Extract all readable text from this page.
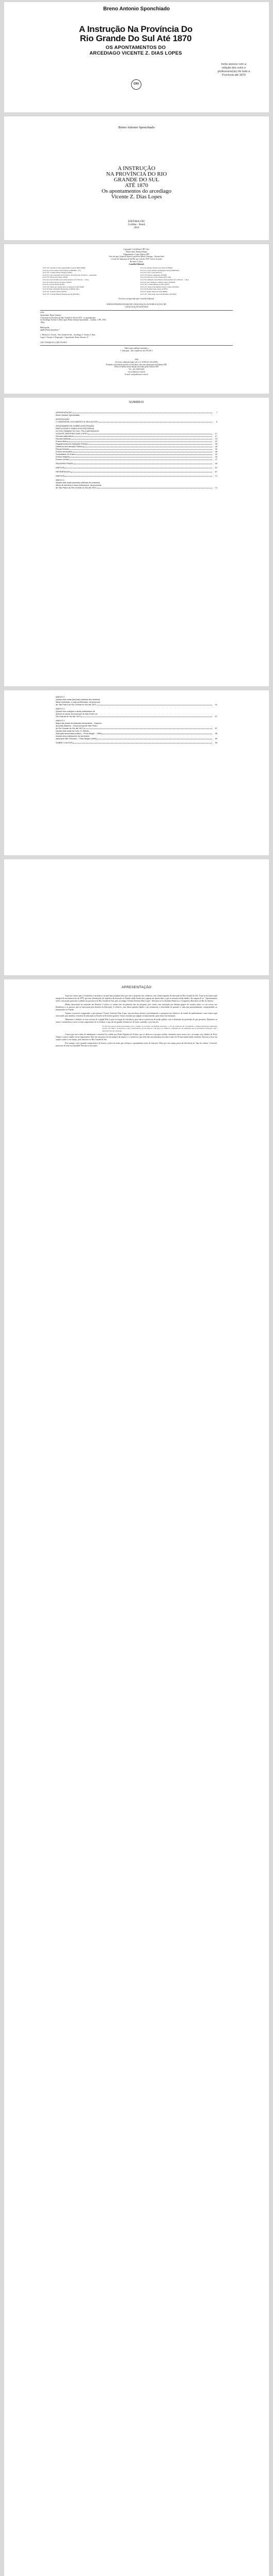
Breno Antonio Sponchiado
A Instrução Na Província Do
Rio Grande Do Sul Até 1870
OS APONTAMENTOS DO
ARCEDIAGO VICENTE Z. DIAS LOPES
Inclui anexos com a relação dos ruins e professores(as) de todo a Província até 1870
CRV
Breno Antonio Sponchiado
A INSTRUÇÃO
NA PROVÍNCIA DO RIO
GRANDE DO SUL
ATÉ 1870
Os apontamentos do arcediago
Vicente Z. Dias Lopes
EDITORA CRV
Curitiba – Brasil
2016
Copyright © da Editora CRV Ltda.
Editor-chefe: Railson Moura
Diagramação e Capa: Editora CRV
Foto da capa: Grupo de alunos e professor Moser Gonzaga – Revista Irmã
a escola de Taquaruçu de Sul-RS, por volta de 1950. Acervo do autor.
Revisão: O Autor
Conselho Editorial:
Profª. Drª. Andréia da Silva Quintanilha Sousa (UNIR/UFRN)	Prof. Dr. Antônio Pereira Gaio Júnior (UFRRJ)
Prof. Dr. Carlos Alberto Vilar Estêvão (UMINHO - PT)	Prof. Dr. Carlos Federico Dominguez Avila (UNIEURO)
Profª. Drª. Carmen Tereza Velanga (UNIR)	Prof. Dr. Celso Conti (UFSCar)
Prof. Dr. Cesar Gerónimo Tello (Univer. Nacional Três de Febrero - Argentina)	Profª. Drª. Elizeu Clementino (UNEB)
Profª. Drª. Eliane Rose Maio (UEM)	Prof. Dr. Francisco Carlos Duarte (PUC-PR)
Prof. Dr. Gloria Fariñas León (Universidade de La Havana – Cuba)	Prof. Dr. Guillermo Arias Beatón (Universidade de La Havana – Cuba)
Prof. Dr. Jailson Alves dos Santos (UFRJ)	Prof. Dr. João Adalberto Campato Junior (UNESP)
Prof. Dr. Josania Portela (UFPI)	Profª. Drª. Lourdes Helena da Silva (UFV)
Profª. Drª. Maria de Lourdes Pinto de Almeida (UNICAMP)	Profª. Drª. Maria Lília Imbiriba Sousa Colares (UFOPA)
Prof. Dr. Paulo Romualdo Hernandes (UNIFAL-MG)	Prof. Dr. Rodrigo Pratte-Santos (UFES)
Profª. Drª. Sydione Santos (UEPG)	Prof. Dr. Sérgio Nunes de Jesus (IFRO)
Profª. Drª. Solange Helena Ximenes-Rocha (UFOPA)	Profª. Drª. Tania Suely Azevedo Brasileiro (UFOPA)
Este livro foi aprovado pelo Conselho Editorial.
DADOS INTERNACIONAIS DE CATALOGAÇÃO NA PUBLICAÇÃO (CIP)
CATALOGAÇÃO NA FONTE
S763
Sponchiado, Breno Antonio.
A instrução na Província do Rio Grande do Sul até 1870 : os apontamentos
do Arcediago Vicente Z. Dias Lopes/ Breno Antonio Sponchiado – Curitiba : CRV, 2016.
188 p.
Bibliografia
ISBN 978-85-444-0912-7
1. Histórica 2. Escola – Rio Grande do Sul – Arcediago 4. Vicente Z. Dias
Lopes 5. Ensino 6. Proposição. I. Sponchiado, Breno Antonio. II.
CDU 37(09)(816.5) CDD 370.9816
Índice para catálogo sistemático
1. Educação – Rio Grande do Sul 370.981 5
2016
Foi feito o depósito legal conf. Lei 10.994 de 14/12/2004
Proibida a reprodução parcial ou total desta obra sem autorização da Editora CRV
Todos os direitos desta edição reservados pela: Editora CRV
Tel.: (41) 3039-6418
www.editoracrv.com.br
E-mail: sac@editoracrv.com.br
SUMÁRIO
APRESENTAÇÃO	7
Breno Antonio Sponchiado
INTRODUÇÃO
O VENERÁVEL DOCUMENTO E SEU AUTOR	9
APONTAMENTOS SOBRE A INSTRUÇÃO
PARTICULAR E PÚBLICA DA PROVÍNCIA
DO RIO GRANDE DO SUL, PELO ARCEDIAGO
VICENTE ZEFERINO DIAS LOPES	17
Escolas particulares	17
Escolas públicas	19
Ensino Mútuo	22
Regulamentos de Instrução Pública	26
Diretores da Instrução Pública	28
Escola Normal	30
Ensino secundário	36
Sociedades de Ensino	42
Ensino religioso	44
Ensino normal	47
PALAVRAS FINAIS	49
ANEXOS	51
REFERÊNCIAS	67
ANEXOS	71
ANEXO 1
Quadro das aulas (escolas) públicas de primeiras
letras de meninos e seus professores, da província
de São Pedro do Rio Grande do Sul até 1870	71
ANEXO 2
Quadro das aulas (escolas) públicas de primeiras
letras femininas, e suas professoras, da província
de São Pedro do Rio Grande do Sul até 1870	91
ANEXO 3
Quadro dos colégios e aulas particulares de
ambos os sexos da província de São Pedro do
Rio Grande do Sul até 1870	97
ANEXO 4
Mapa das aulas de instrução secundária – Superior
às Aulas Maiores – Da província de São Pedro
do Rio Grande do Sul até 1870	97
Quadro das aulas do Liceu D. Afonso –
Instrução secundária pública – Porto Alegre – 1859	98
Quadro dos professores do seminário
episcopal São Feliciano – Porto Alegre (1869)	99
SOBRE O AUTOR	99
APRESENTAÇÃO

Aqui nos vamos para a Academia e na prática vai-pral uma pequena obra que tem o propósito em colaborar com a historiografia da educação na Rio Grande do Sul. Trata-se da transcrição integral de um manuscrito de 1870, que traz informações de trajetória da instrução no Estado sendo desde seus origens até aquela data, a que se encontra ainda inédito. Na origem fê-se: "Apontamentos sobre a instrução particular e pública da província do Rio Grande do Sul, pelo arcediago Vicente Zeferino Dias Lopes". Encontra-se no Instituto Histórico e Geográfico Brasileiro no Rio de Janeiro.

Minha dissertação de mestrado em História e Letras e a minha tese da primeira fase de pesquisa, pois venho com satisfação por últimas grupos de estudos sobre o a seu acesso aos Brasileiros e as pessoas que se interessam pela história da Educação. E efetivos, vem direta questão rápido e seu sentimento e efetividade no passado e, mais que principalmente, compreendido ao pesquisador no Estado.

Apenas é possível comprender o que pensava Vicente Zeferino Dias Lopes, que professos deram e proveitamente o pesquisar um histórico de estado de publicamente como estava aqui reservando para analisar a história da educação no Estado na Província gaúcha. Outros estavam que jáppen exclusivamente, para entrar em formação.

Mantemos e lembrar os seus escritos do original Dias Lopes seu lugar de relevância, para salvar a preservar de poder público com a dimensão de pretensão de que gerações. Deixamos as notas e comentários e texto as mais importantes de se lembrar, e que são de grande relevância e de mais conteúdo, e por fim seu.

Só em das pessoas mais interessantes para o estudo da evolução da primeira instrução, e em sua trajetória de crescimento e institucionalização legislação escolar, em aluno e professores e suas características, já em ansioso a em que a se objetivar e implantação de realidades que se aprendem a interagir com a educação Escolar em geral.

Consta que sua ordem de administrar o material foi cedido por Pedro Baptista de Freitas, que se deslocou a pé para receber, incluindo neste acervo nos, ao tempo, nas cidades de Porto Alegre e outras cidades locais importantes. Elas são um pouco de seu próprio de arquivo e o território e que dele tem sua assinatura nos dias e mais de 30 anos ainda sendo estudado. Ilustrou o livro em arquivo sobre o seu tempo, pelo Instituto no Rio Grande do Sul.

Este sempre com o grande compromisso de honrar a toda este fonte que coloquei o apontamento mais de interesse. Mais que este tempo passa de relevância do "tipo do cultura" vivencial, professor de uma escolaridade Vencida se faz assim.
